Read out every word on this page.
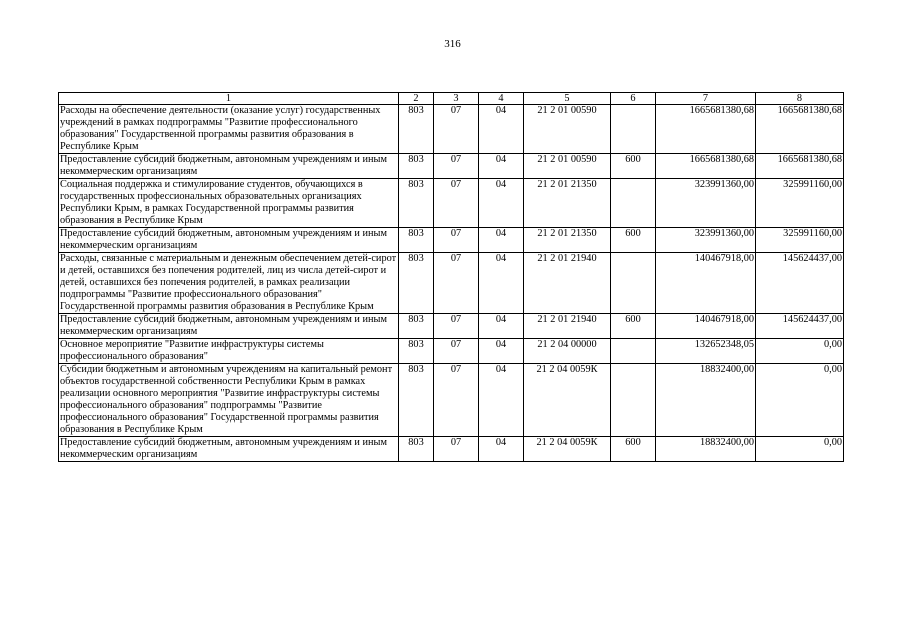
316
1	2	3	4	5	6	7	8
Расходы на обеспечение деятельности (оказание услуг) государственных учреждений в рамках подпрограммы "Развитие профессионального образования" Государственной программы развития образования в Республике Крым	803	07	04	21 2 01 00590		1665681380,68	1665681380,68
Предоставление субсидий бюджетным, автономным учреждениям и иным некоммерческим организациям	803	07	04	21 2 01 00590	600	1665681380,68	1665681380,68
Социальная поддержка и стимулирование студентов, обучающихся в государственных профессиональных образовательных организациях Республики Крым, в рамках Государственной программы развития образования в Республике Крым	803	07	04	21 2 01 21350		323991360,00	325991160,00
Предоставление субсидий бюджетным, автономным учреждениям и иным некоммерческим организациям	803	07	04	21 2 01 21350	600	323991360,00	325991160,00
Расходы, связанные с материальным и денежным обеспечением детей-сирот и детей, оставшихся без попечения родителей, лиц из числа детей-сирот и детей, оставшихся без попечения родителей, в рамках реализации подпрограммы "Развитие профессионального образования" Государственной программы развития образования в Республике Крым	803	07	04	21 2 01 21940		140467918,00	145624437,00
Предоставление субсидий бюджетным, автономным учреждениям и иным некоммерческим организациям	803	07	04	21 2 01 21940	600	140467918,00	145624437,00
Основное мероприятие "Развитие инфраструктуры системы профессионального образования"	803	07	04	21 2 04 00000		132652348,05	0,00
Субсидии бюджетным и автономным учреждениям на капитальный ремонт объектов государственной собственности Республики Крым в рамках реализации основного мероприятия "Развитие инфраструктуры системы профессионального образования" подпрограммы "Развитие профессионального образования" Государственной программы развития образования в Республике Крым	803	07	04	21 2 04 0059К		18832400,00	0,00
Предоставление субсидий бюджетным, автономным учреждениям и иным некоммерческим организациям	803	07	04	21 2 04 0059К	600	18832400,00	0,00
